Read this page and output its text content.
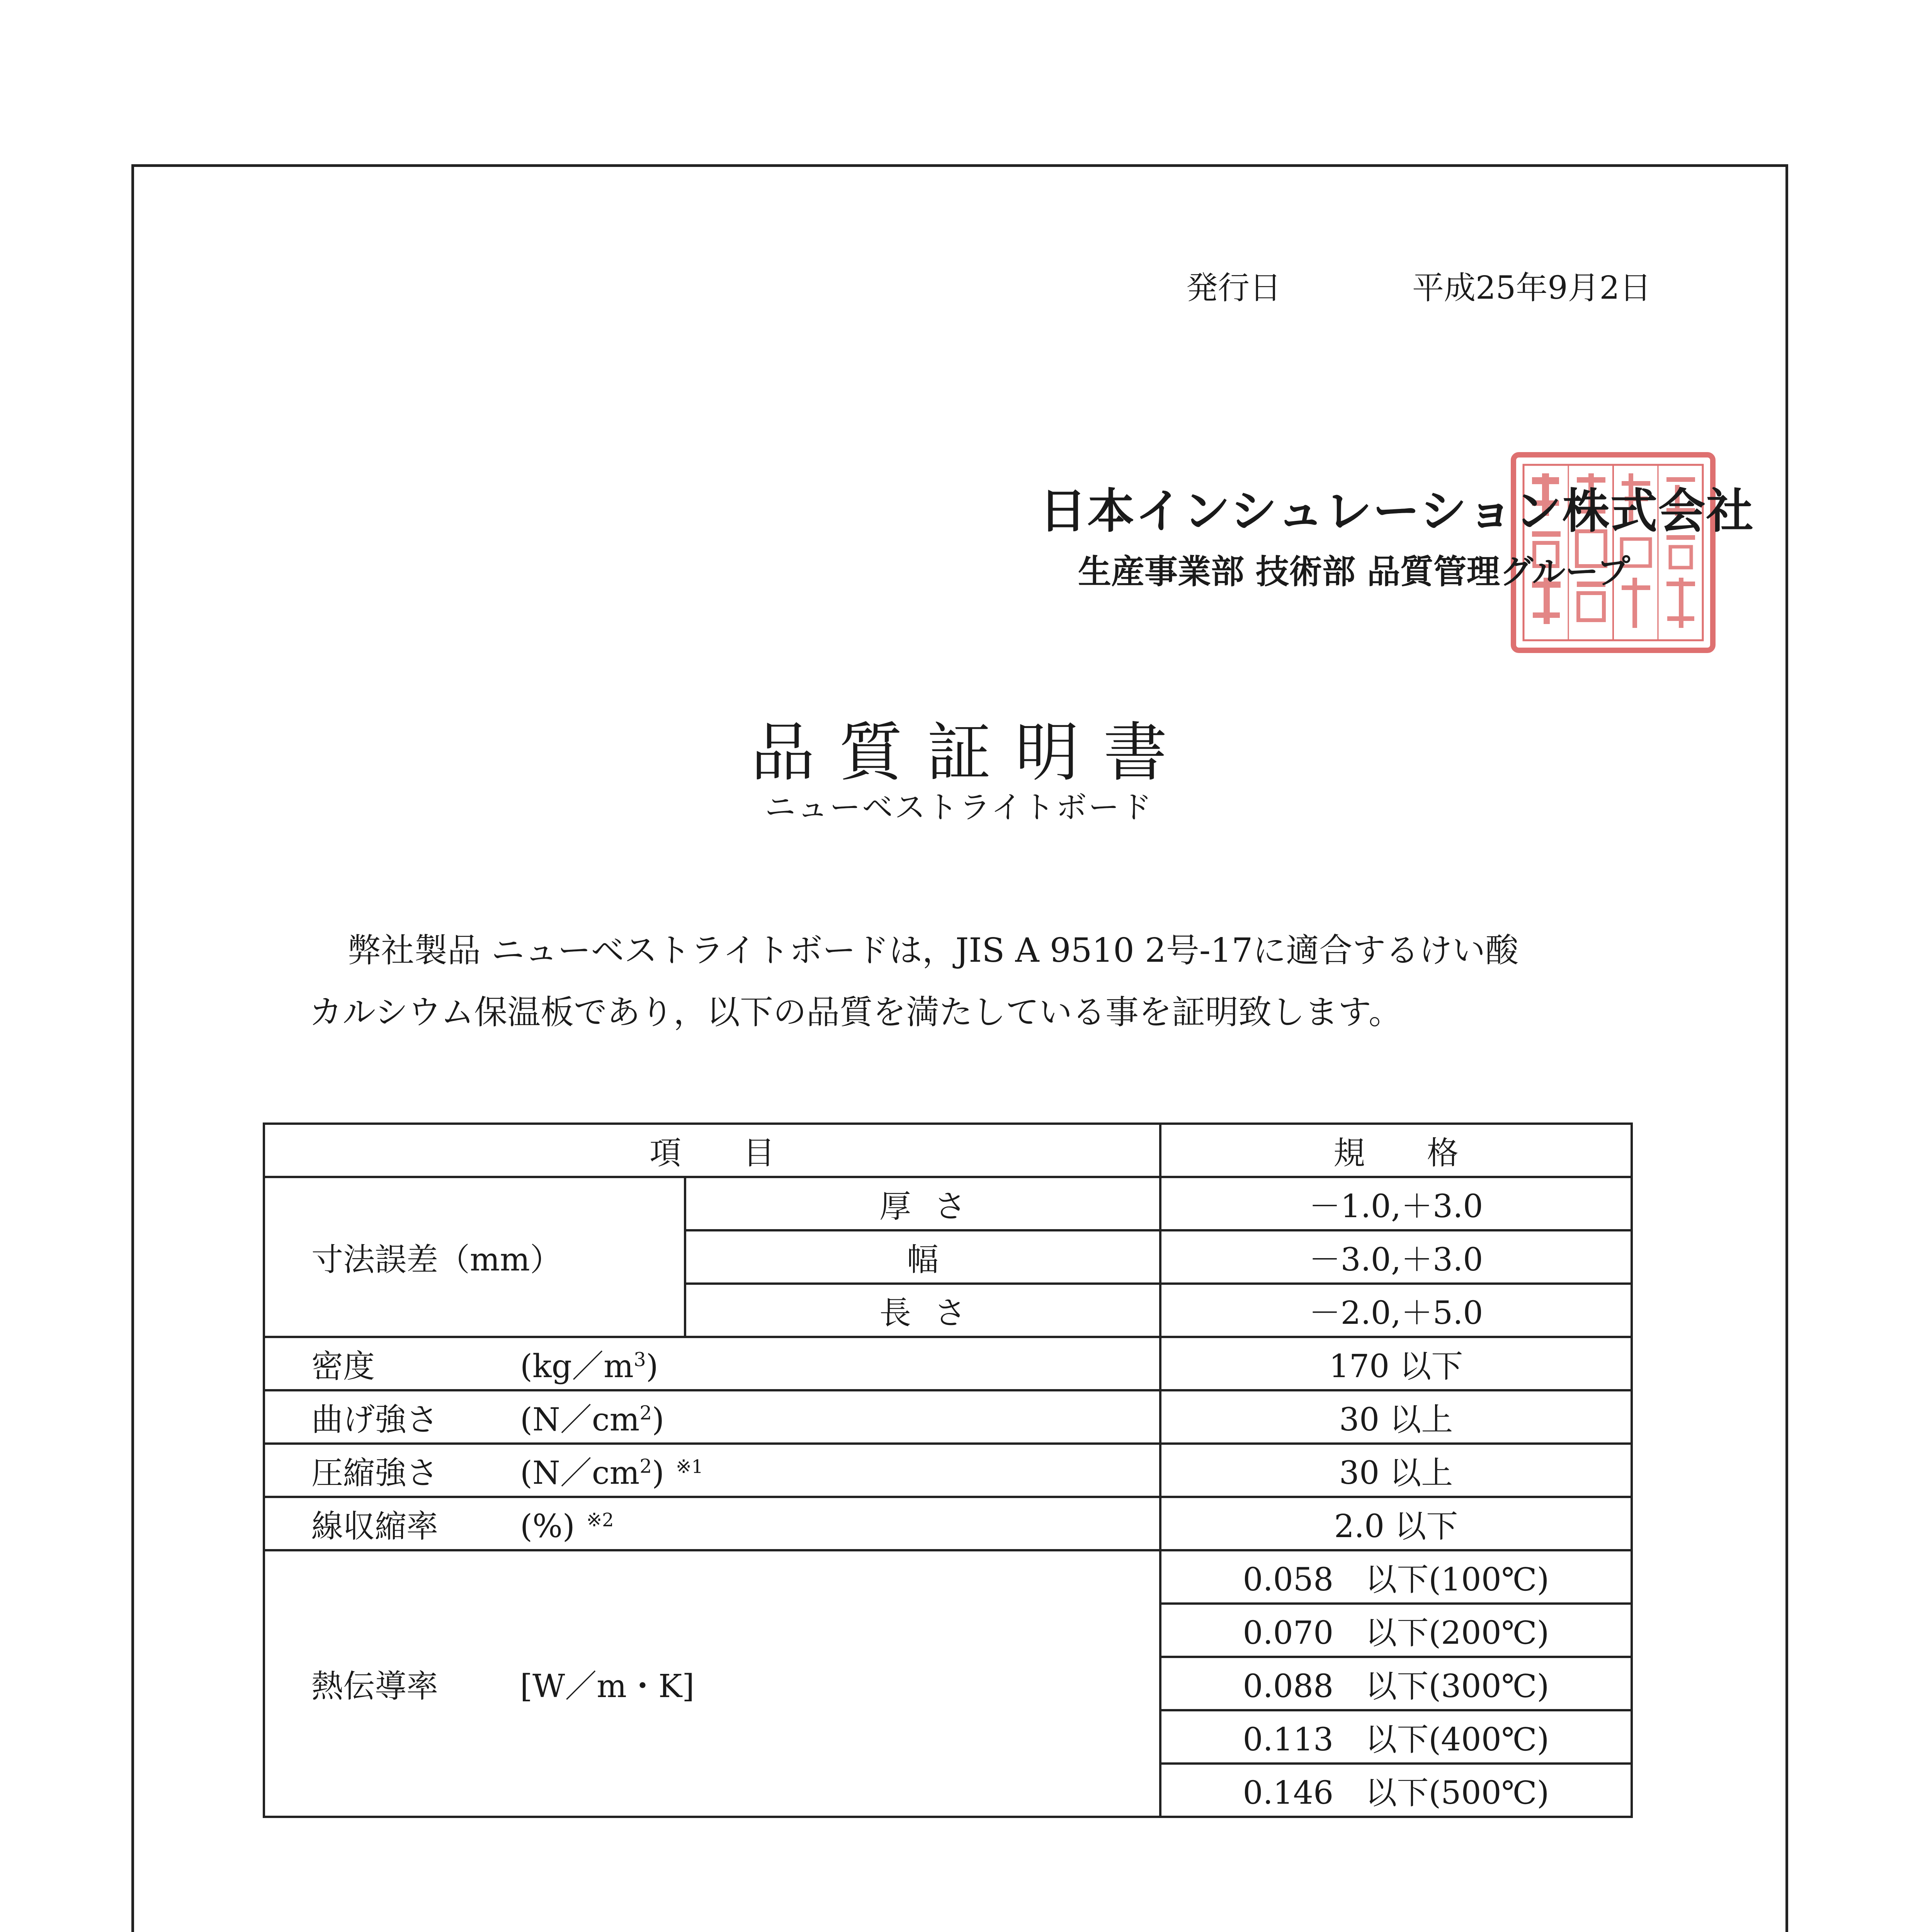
発行日	平成25年9月2日
日本インシュレーション株式会社
生産事業部 技術部 品質管理グループ
品質証明書
ニューベストライトボード
弊社製品 ニューベストライトボードは，JIS A 9510 2号-17に適合するけい酸
カルシウム保温板であり，以下の品質を満たしている事を証明致します。
項目		規格
寸法誤差（mm）	厚さ	－1.0,＋3.0
	幅	－3.0,＋3.0
	長さ	－2.0,＋5.0
密度 $(kg/m^3)$		170 以下
曲げ強さ $(N/cm^2)$		30 以上
圧縮強さ $(N/cm^2)$ $^{※1}$		30 以上
線収縮率 (%) $^{※2}$		2.0 以下
熱伝導率 [W／m・K]		0.058　 以下(100℃)
		0.070　 以下(200℃)
		0.088　 以下(300℃)
		0.113　 以下(400℃)
		0.146　 以下(500℃)
